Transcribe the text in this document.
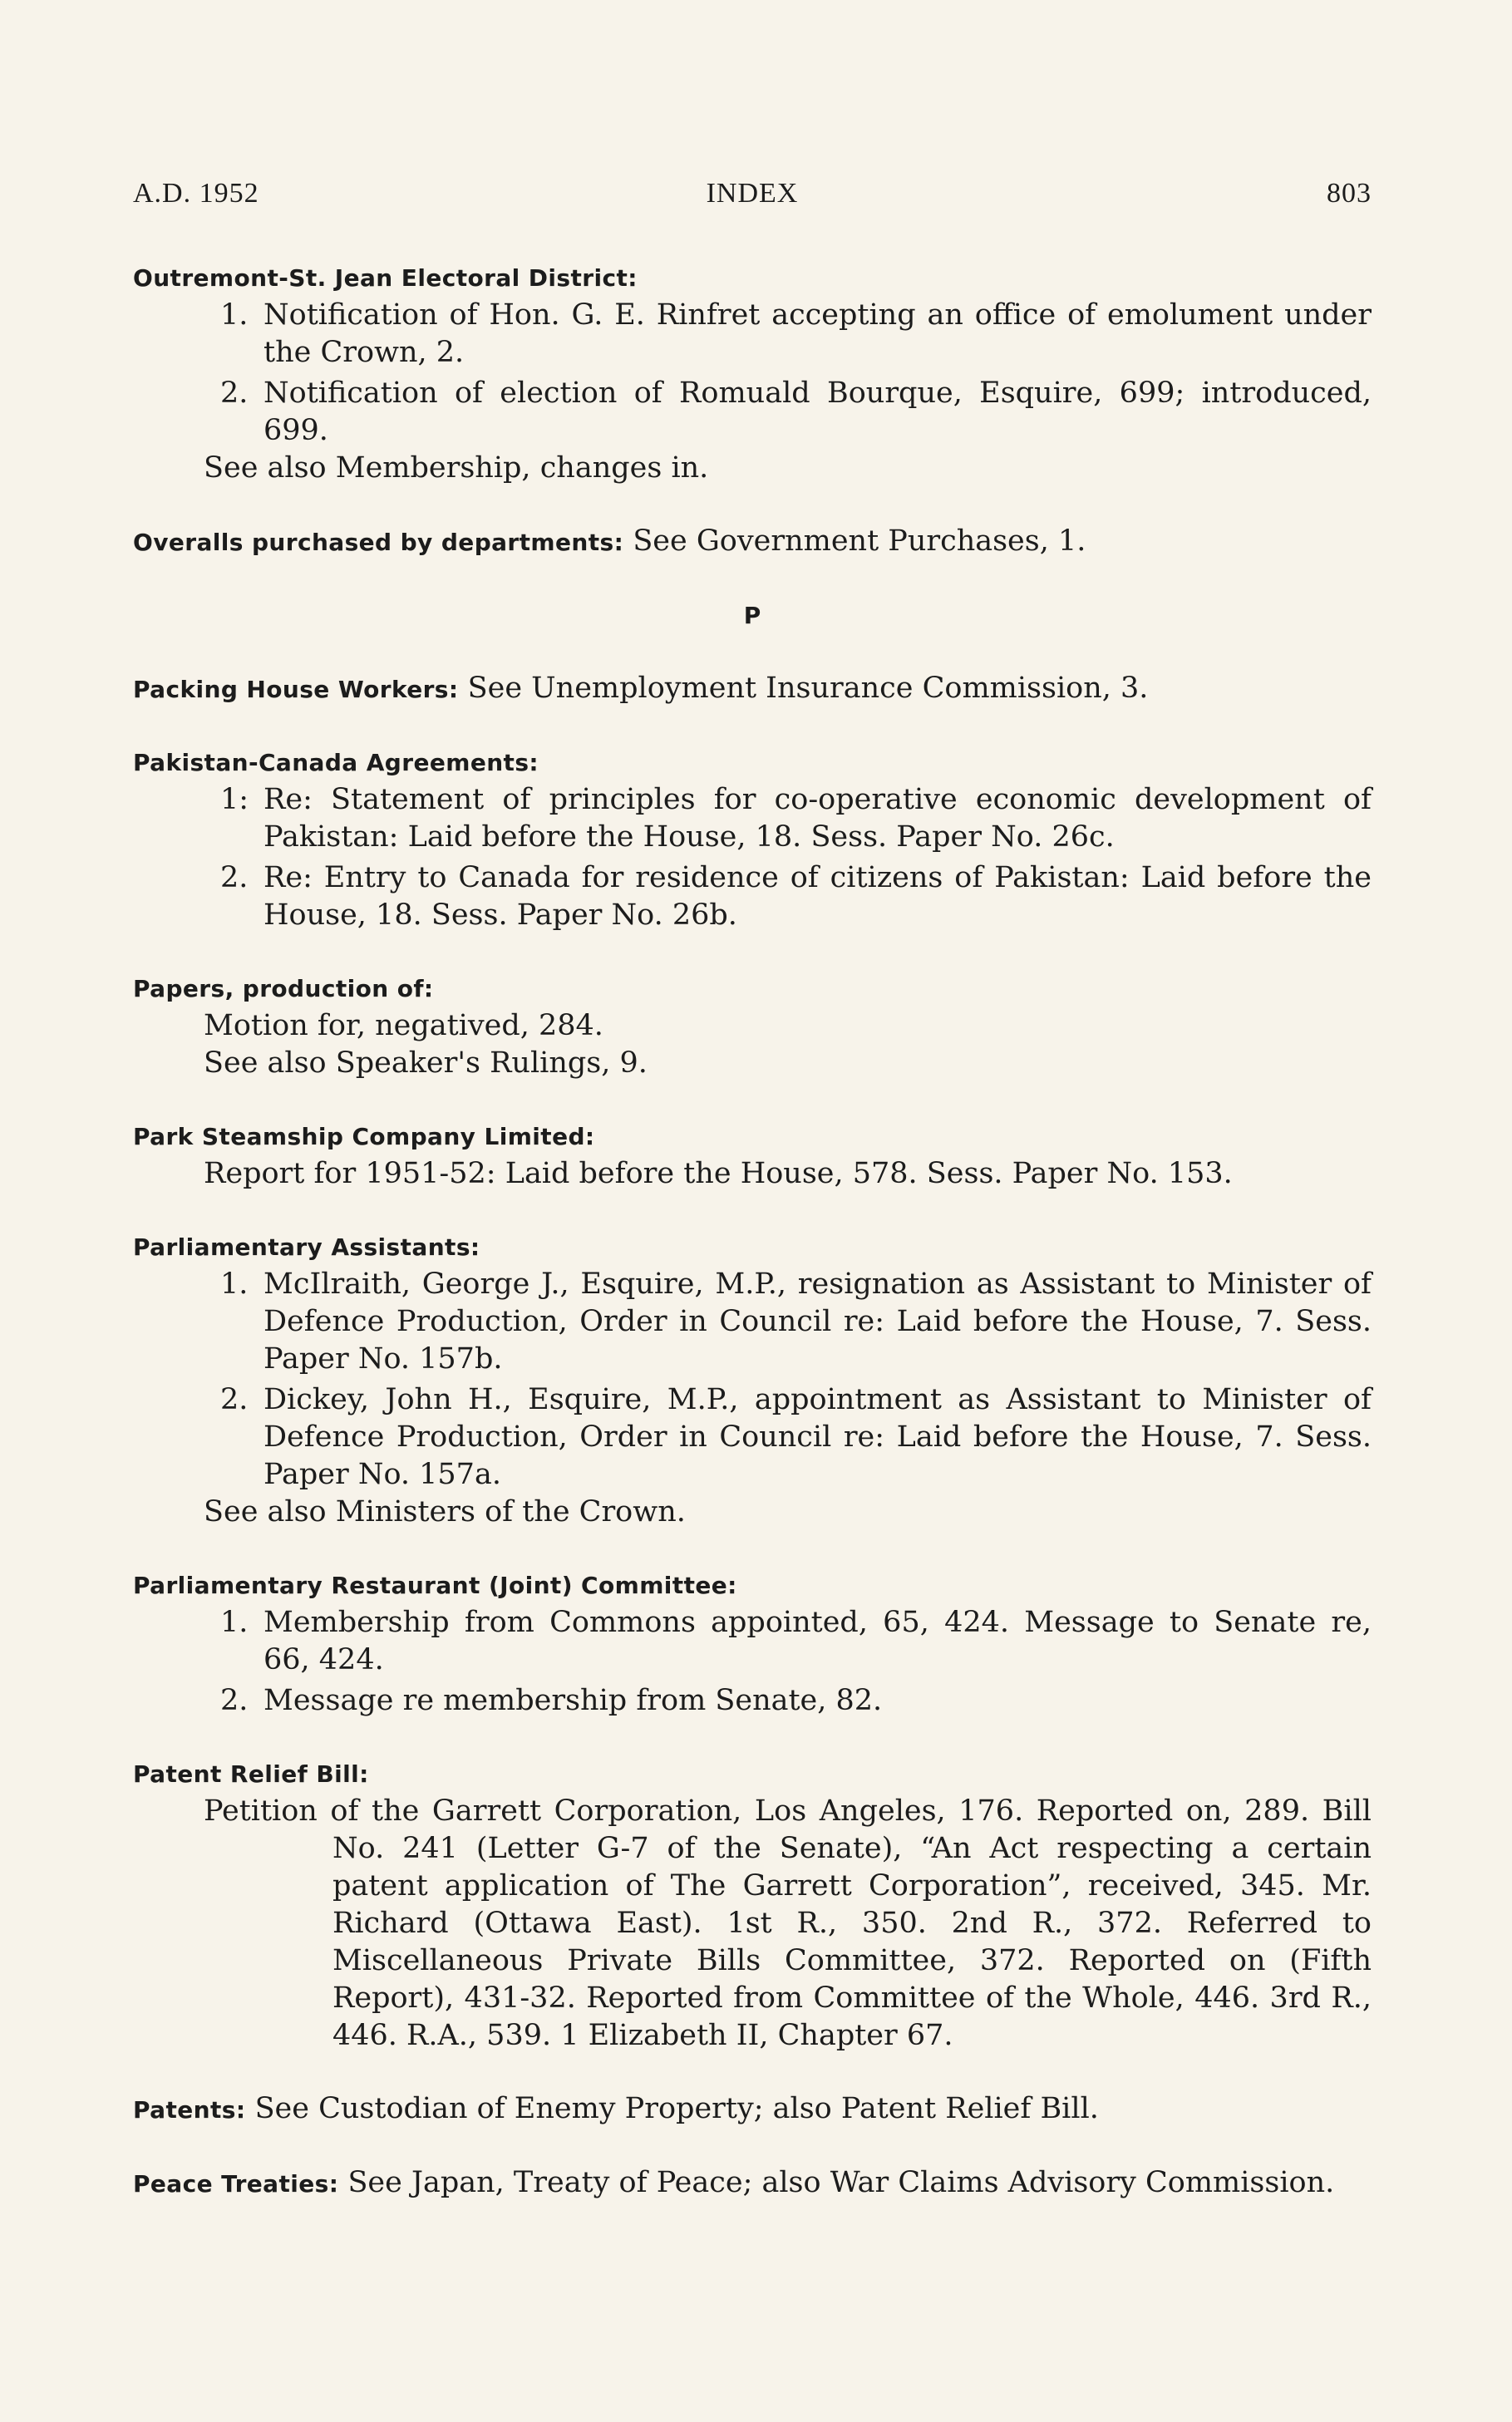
A.D. 1952	INDEX	803
Outremont-St. Jean Electoral District:
1. Notification of Hon. G. E. Rinfret accepting an office of emolument under the Crown, 2.
2. Notification of election of Romuald Bourque, Esquire, 699; introduced, 699.
See also Membership, changes in.
Overalls purchased by departments: See Government Purchases, 1.
P
Packing House Workers: See Unemployment Insurance Commission, 3.
Pakistan-Canada Agreements:
1: Re: Statement of principles for co-operative economic development of Pakistan: Laid before the House, 18. Sess. Paper No. 26c.
2. Re: Entry to Canada for residence of citizens of Pakistan: Laid before the House, 18. Sess. Paper No. 26b.
Papers, production of:
Motion for, negatived, 284.
See also Speaker's Rulings, 9.
Park Steamship Company Limited:
Report for 1951-52: Laid before the House, 578. Sess. Paper No. 153.
Parliamentary Assistants:
1. McIlraith, George J., Esquire, M.P., resignation as Assistant to Minister of Defence Production, Order in Council re: Laid before the House, 7. Sess. Paper No. 157b.
2. Dickey, John H., Esquire, M.P., appointment as Assistant to Minister of Defence Production, Order in Council re: Laid before the House, 7. Sess. Paper No. 157a.
See also Ministers of the Crown.
Parliamentary Restaurant (Joint) Committee:
1. Membership from Commons appointed, 65, 424. Message to Senate re, 66, 424.
2. Message re membership from Senate, 82.
Patent Relief Bill:
Petition of the Garrett Corporation, Los Angeles, 176. Reported on, 289. Bill No. 241 (Letter G-7 of the Senate), “An Act respecting a certain patent application of The Garrett Corporation”, received, 345. Mr. Richard (Ottawa East). 1st R., 350. 2nd R., 372. Referred to Miscellaneous Private Bills Committee, 372. Reported on (Fifth Report), 431-32. Reported from Committee of the Whole, 446. 3rd R., 446. R.A., 539. 1 Elizabeth II, Chapter 67.
Patents: See Custodian of Enemy Property; also Patent Relief Bill.
Peace Treaties: See Japan, Treaty of Peace; also War Claims Advisory Commission.
